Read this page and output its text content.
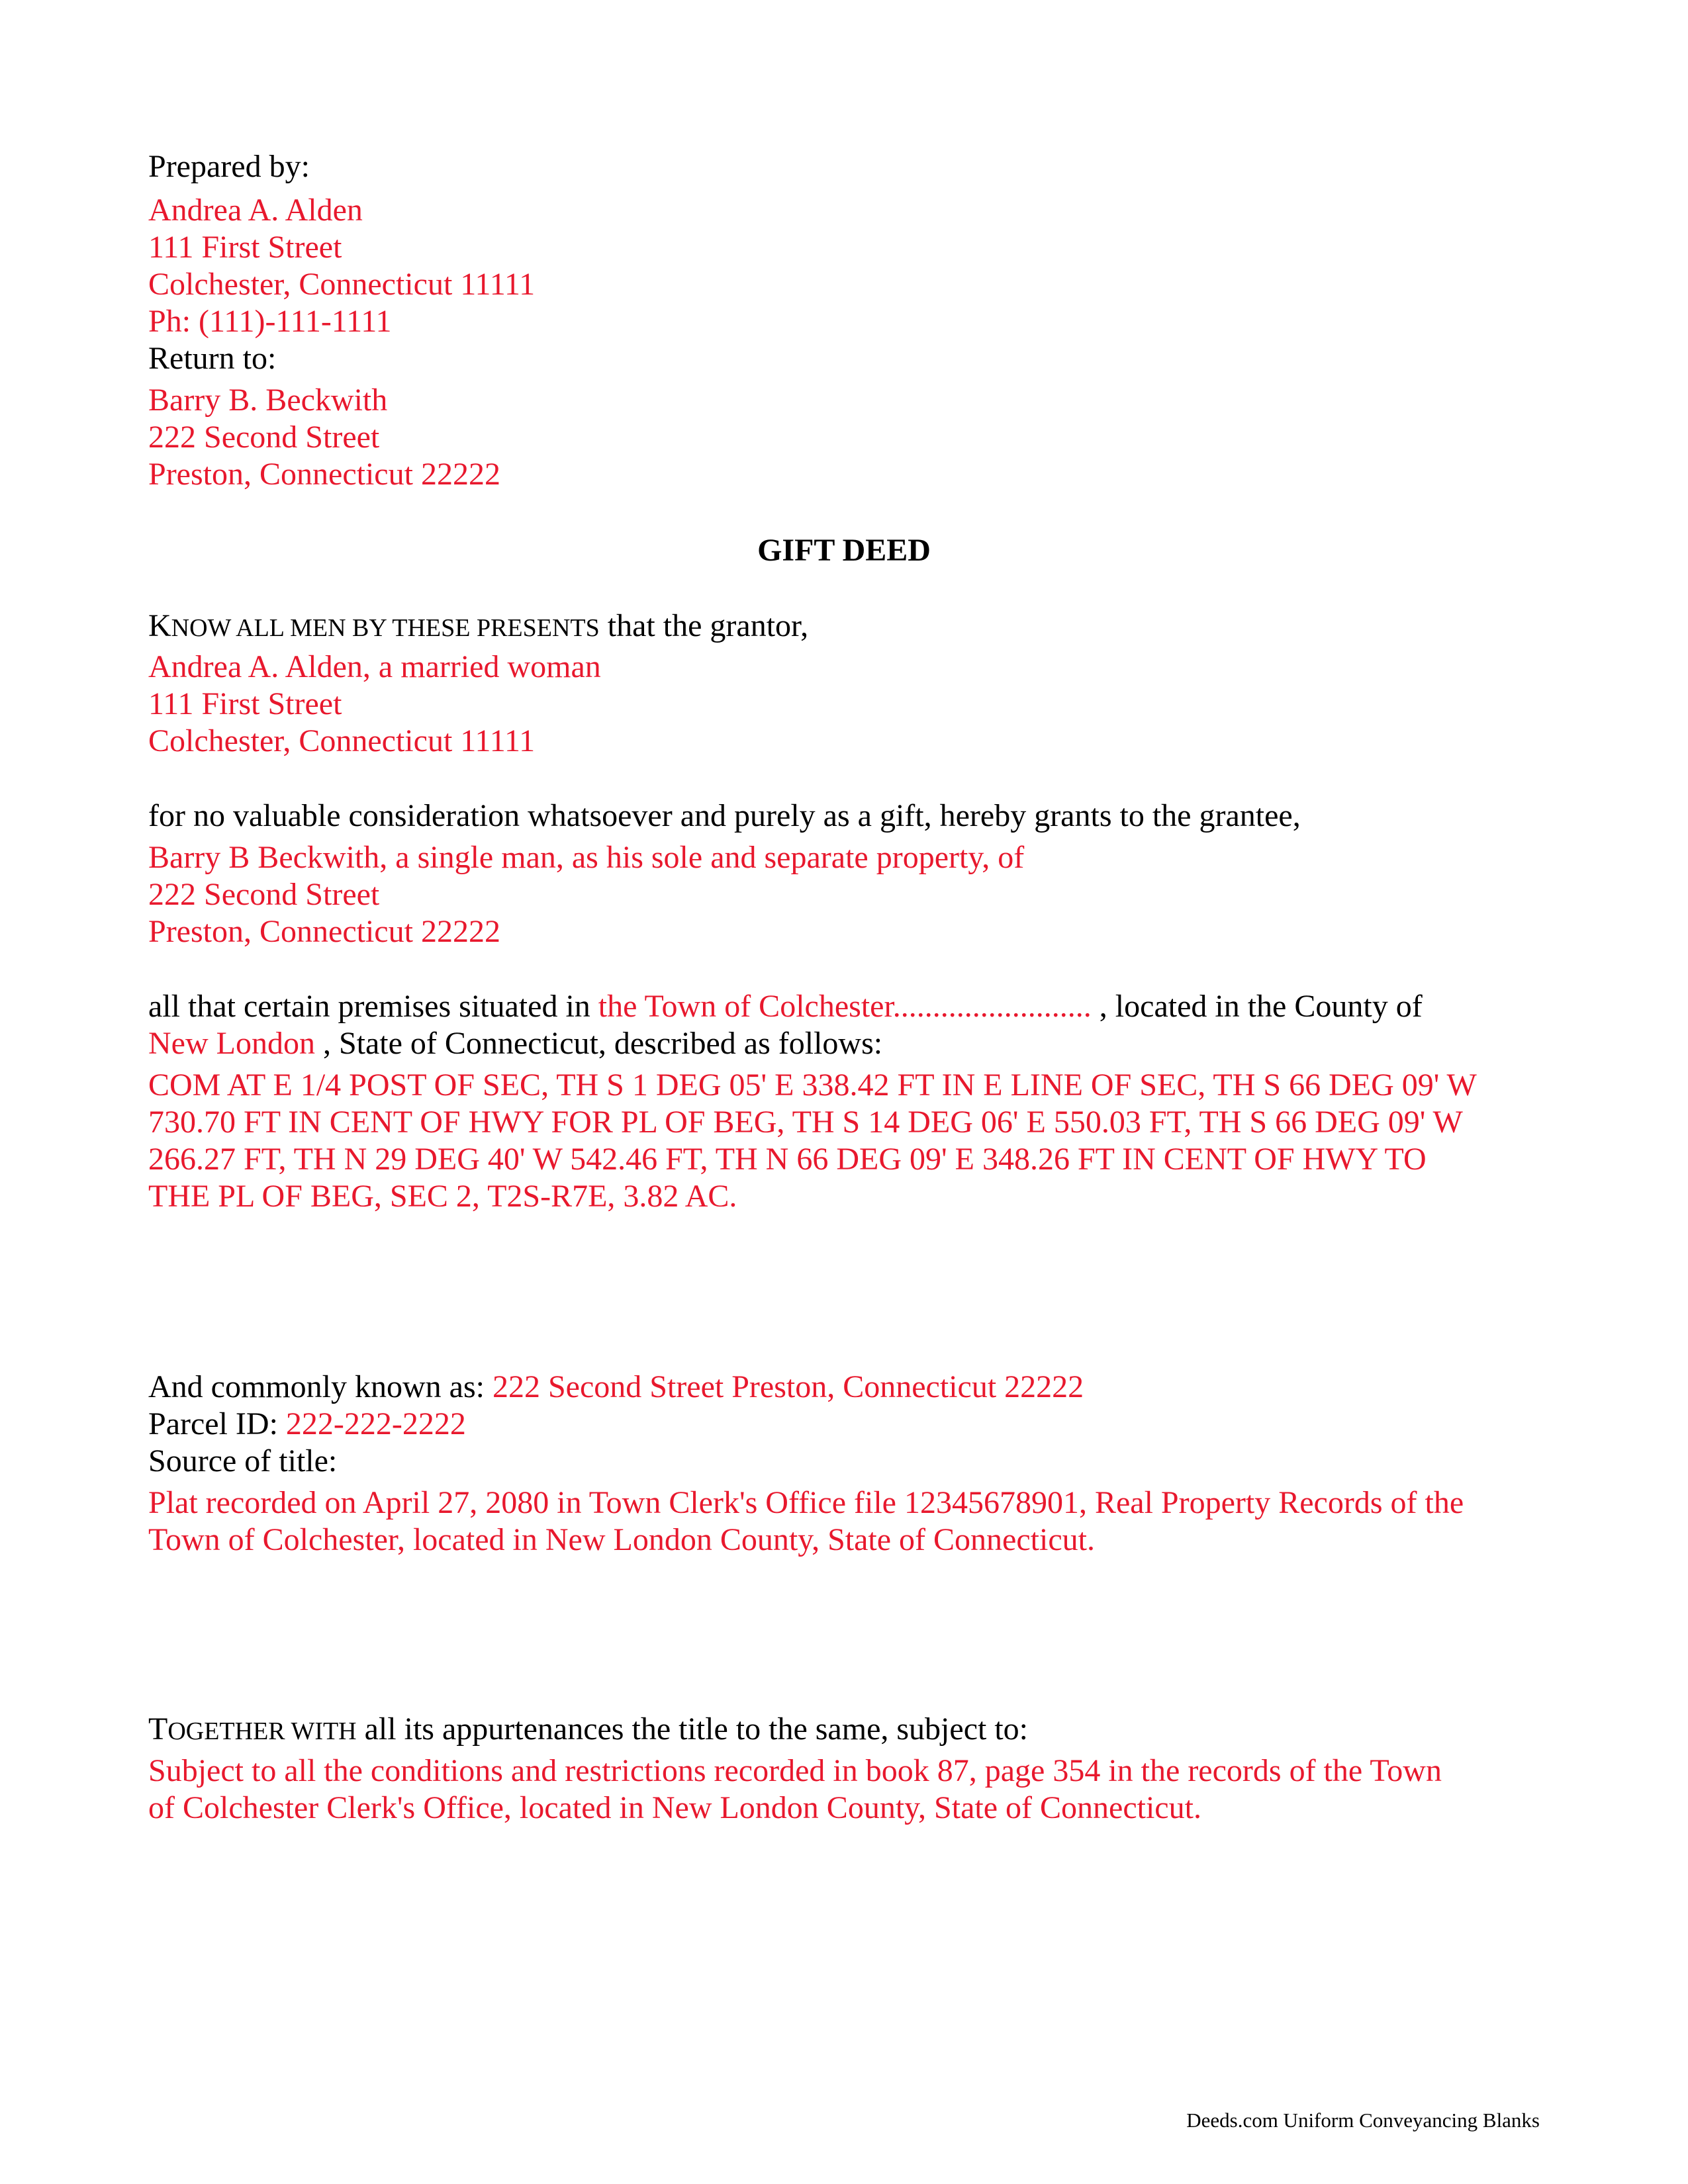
Prepared by:
Andrea A. Alden
111 First Street
Colchester, Connecticut 11111
Ph: (111)-111-1111
Return to:
Barry B. Beckwith
222 Second Street
Preston, Connecticut 22222
GIFT DEED
KNOW ALL MEN BY THESE PRESENTS that the grantor,
Andrea A. Alden, a married woman
111 First Street
Colchester, Connecticut 11111
for no valuable consideration whatsoever and purely as a gift, hereby grants to the grantee,
Barry B Beckwith, a single man, as his sole and separate property, of
222 Second Street
Preston, Connecticut 22222
all that certain premises situated in the Town of Colchester......................... , located in the County of
New London , State of Connecticut, described as follows:
COM AT E 1/4 POST OF SEC, TH S 1 DEG 05' E 338.42 FT IN E LINE OF SEC, TH S 66 DEG 09' W
730.70 FT IN CENT OF HWY FOR PL OF BEG, TH S 14 DEG 06' E 550.03 FT, TH S 66 DEG 09' W
266.27 FT, TH N 29 DEG 40' W 542.46 FT, TH N 66 DEG 09' E 348.26 FT IN CENT OF HWY TO
THE PL OF BEG, SEC 2, T2S-R7E, 3.82 AC.
And commonly known as: 222 Second Street Preston, Connecticut 22222
Parcel ID: 222-222-2222
Source of title:
Plat recorded on April 27, 2080 in Town Clerk's Office file 12345678901, Real Property Records of the
Town of Colchester, located in New London County, State of Connecticut.
TOGETHER WITH all its appurtenances the title to the same, subject to:
Subject to all the conditions and restrictions recorded in book 87, page 354 in the records of the Town
of Colchester Clerk's Office, located in New London County, State of Connecticut.
Deeds.com Uniform Conveyancing Blanks
